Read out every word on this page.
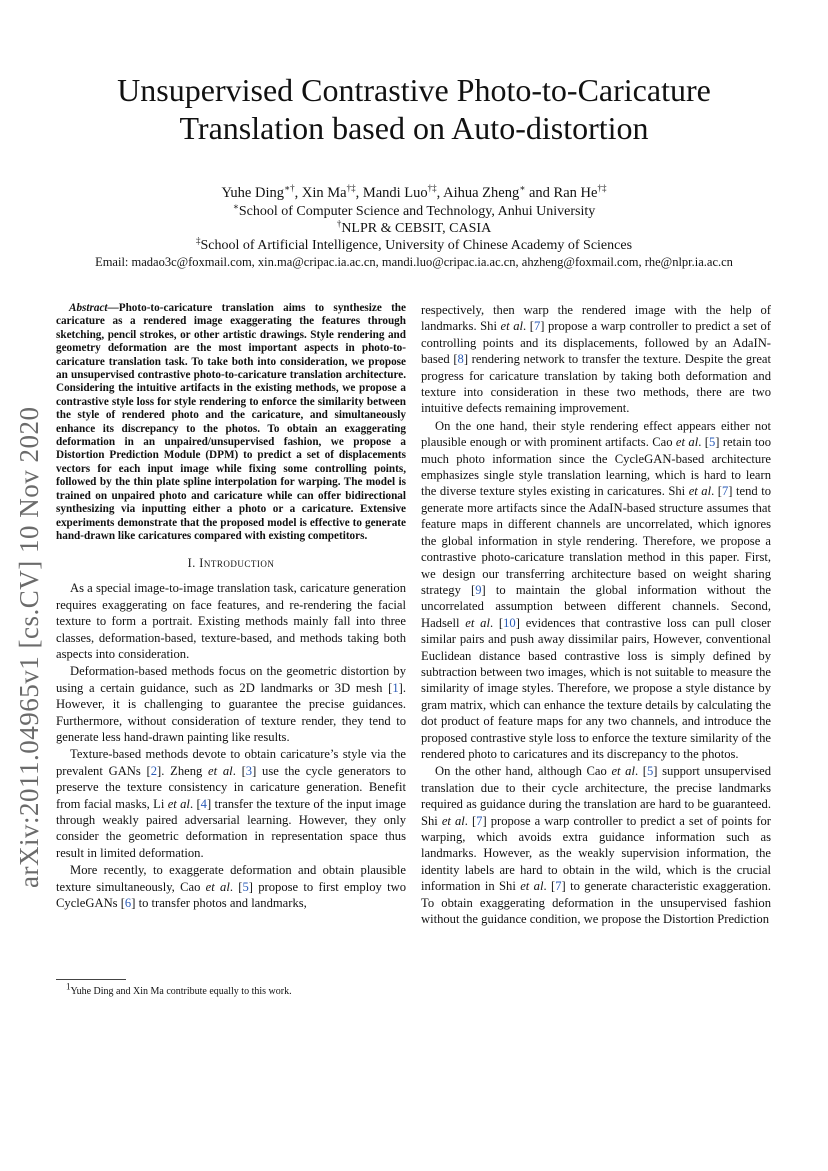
arXiv:2011.04965v1 [cs.CV] 10 Nov 2020
Unsupervised Contrastive Photo-to-Caricature
Translation based on Auto-distortion
Yuhe Ding∗†, Xin Ma†‡, Mandi Luo†‡, Aihua Zheng∗ and Ran He†‡
∗School of Computer Science and Technology, Anhui University
†NLPR & CEBSIT, CASIA
‡School of Artificial Intelligence, University of Chinese Academy of Sciences
Email: madao3c@foxmail.com, xin.ma@cripac.ia.ac.cn, mandi.luo@cripac.ia.ac.cn, ahzheng@foxmail.com, rhe@nlpr.ia.ac.cn

Abstract—Photo-to-caricature translation aims to synthesize the caricature as a rendered image exaggerating the features through sketching, pencil strokes, or other artistic drawings. Style rendering and geometry deformation are the most important aspects in photo-to-caricature translation task. To take both into consideration, we propose an unsupervised contrastive photo-to-caricature translation architecture. Considering the intuitive artifacts in the existing methods, we propose a contrastive style loss for style rendering to enforce the similarity between the style of rendered photo and the caricature, and simultaneously enhance its discrepancy to the photos. To obtain an exaggerating deformation in an unpaired/unsupervised fashion, we propose a Distortion Prediction Module (DPM) to predict a set of displacements vectors for each input image while fixing some controlling points, followed by the thin plate spline interpolation for warping. The model is trained on unpaired photo and caricature while can offer bidirectional synthesizing via inputting either a photo or a caricature. Extensive experiments demonstrate that the proposed model is effective to generate hand-drawn like caricatures compared with existing competitors.

I. Introduction

As a special image-to-image translation task, caricature generation requires exaggerating on face features, and re-rendering the facial texture to form a portrait. Existing methods mainly fall into three classes, deformation-based, texture-based, and methods taking both aspects into consideration.

Deformation-based methods focus on the geometric distortion by using a certain guidance, such as 2D landmarks or 3D mesh [1]. However, it is challenging to guarantee the precise guidances. Furthermore, without consideration of texture render, they tend to generate less hand-drawn painting like results.

Texture-based methods devote to obtain caricature’s style via the prevalent GANs [2]. Zheng et al. [3] use the cycle generators to preserve the texture consistency in caricature generation. Benefit from facial masks, Li et al. [4] transfer the texture of the input image through weakly paired adversarial learning. However, they only consider the geometric deformation in representation space thus result in limited deformation.

More recently, to exaggerate deformation and obtain plausible texture simultaneously, Cao et al. [5] propose to first employ two CycleGANs [6] to transfer photos and landmarks,

$^1$Yuhe Ding and Xin Ma contribute equally to this work.

respectively, then warp the rendered image with the help of landmarks. Shi et al. [7] propose a warp controller to predict a set of controlling points and its displacements, followed by an AdaIN-based [8] rendering network to transfer the texture. Despite the great progress for caricature translation by taking both deformation and texture into consideration in these two methods, there are two intuitive defects remaining improvement.

On the one hand, their style rendering effect appears either not plausible enough or with prominent artifacts. Cao et al. [5] retain too much photo information since the CycleGAN-based architecture emphasizes single style translation learning, which is hard to learn the diverse texture styles existing in caricatures. Shi et al. [7] tend to generate more artifacts since the AdaIN-based structure assumes that feature maps in different channels are uncorrelated, which ignores the global information in style rendering. Therefore, we propose a contrastive photo-caricature translation method in this paper. First, we design our transferring architecture based on weight sharing strategy [9] to maintain the global information without the uncorrelated assumption between different channels. Second, Hadsell et al. [10] evidences that contrastive loss can pull closer similar pairs and push away dissimilar pairs, However, conventional Euclidean distance based contrastive loss is simply defined by subtraction between two images, which is not suitable to measure the similarity of image styles. Therefore, we propose a style distance by gram matrix, which can enhance the texture details by calculating the dot product of feature maps for any two channels, and introduce the proposed contrastive style loss to enforce the texture similarity of the rendered photo to caricatures and its discrepancy to the photos.

On the other hand, although Cao et al. [5] support unsupervised translation due to their cycle architecture, the precise landmarks required as guidance during the translation are hard to be guaranteed. Shi et al. [7] propose a warp controller to predict a set of points for warping, which avoids extra guidance information such as landmarks. However, as the weakly supervision information, the identity labels are hard to obtain in the wild, which is the crucial information in Shi et al. [7] to generate characteristic exaggeration. To obtain exaggerating deformation in the unsupervised fashion without the guidance condition, we propose the Distortion Prediction
